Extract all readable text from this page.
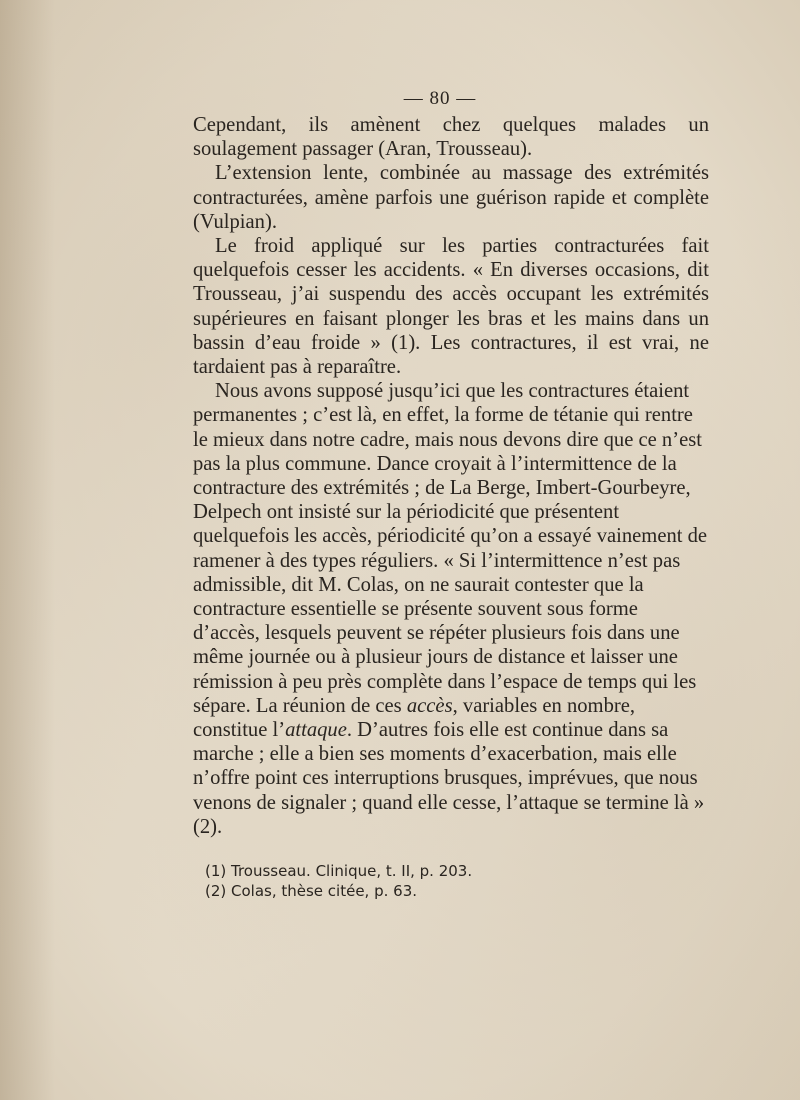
— 80 —

Cependant, ils amènent chez quelques malades un soulagement passager (Aran, Trousseau).

L’extension lente, combinée au massage des extrémités contracturées, amène parfois une guérison rapide et complète (Vulpian).

Le froid appliqué sur les parties contracturées fait quelquefois cesser les accidents. « En diverses occasions, dit Trousseau, j’ai suspendu des accès occupant les extrémités supérieures en faisant plonger les bras et les mains dans un bassin d’eau froide » (1). Les contractures, il est vrai, ne tardaient pas à reparaître.

Nous avons supposé jusqu’ici que les contractures étaient permanentes ; c’est là, en effet, la forme de tétanie qui rentre le mieux dans notre cadre, mais nous devons dire que ce n’est pas la plus commune. Dance croyait à l’intermittence de la contracture des extrémités ; de La Berge, Imbert-Gourbeyre, Delpech ont insisté sur la périodicité que présentent quelquefois les accès, périodicité qu’on a essayé vainement de ramener à des types réguliers. « Si l’intermittence n’est pas admissible, dit M. Colas, on ne saurait contester que la contracture essentielle se présente souvent sous forme d’accès, lesquels peuvent se répéter plusieurs fois dans une même journée ou à plusieur jours de distance et laisser une rémission à peu près complète dans l’espace de temps qui les sépare. La réunion de ces accès, variables en nombre, constitue l’attaque. D’autres fois elle est continue dans sa marche ; elle a bien ses moments d’exacerbation, mais elle n’offre point ces interruptions brusques, imprévues, que nous venons de signaler ; quand elle cesse, l’attaque se termine là » (2).

(1) Trousseau. Clinique, t. II, p. 203.
(2) Colas, thèse citée, p. 63.
